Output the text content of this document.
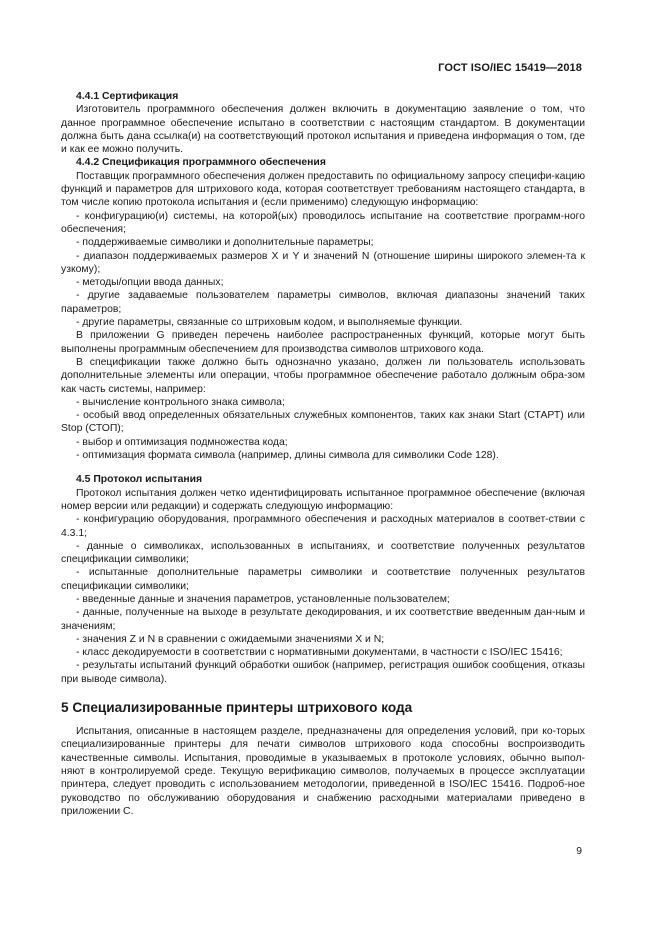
ГОСТ ISO/IEC 15419—2018

4.4.1 Сертификация

Изготовитель программного обеспечения должен включить в документацию заявление о том, что данное программное обеспечение испытано в соответствии с настоящим стандартом. В документации должна быть дана ссылка(и) на соответствующий протокол испытания и приведена информация о том, где и как ее можно получить.

4.4.2 Спецификация программного обеспечения

Поставщик программного обеспечения должен предоставить по официальному запросу специфи-кацию функций и параметров для штрихового кода, которая соответствует требованиям настоящего стандарта, в том числе копию протокола испытания и (если применимо) следующую информацию:

- конфигурацию(и) системы, на которой(ых) проводилось испытание на соответствие программ-ного обеспечения;

- поддерживаемые символики и дополнительные параметры;

- диапазон поддерживаемых размеров X и Y и значений N (отношение ширины широкого элемен-та к узкому);

- методы/опции ввода данных;

- другие задаваемые пользователем параметры символов, включая диапазоны значений таких параметров;

- другие параметры, связанные со штриховым кодом, и выполняемые функции.

В приложении G приведен перечень наиболее распространенных функций, которые могут быть выполнены программным обеспечением для производства символов штрихового кода.

В спецификации также должно быть однозначно указано, должен ли пользователь использовать дополнительные элементы или операции, чтобы программное обеспечение работало должным обра-зом как часть системы, например:

- вычисление контрольного знака символа;

- особый ввод определенных обязательных служебных компонентов, таких как знаки Start (СТАРТ) или Stop (СТОП);

- выбор и оптимизация подмножества кода;

- оптимизация формата символа (например, длины символа для символики Code 128).

4.5 Протокол испытания

Протокол испытания должен четко идентифицировать испытанное программное обеспечение (включая номер версии или редакции) и содержать следующую информацию:

- конфигурацию оборудования, программного обеспечения и расходных материалов в соответ-ствии с 4.3.1;

- данные о символиках, использованных в испытаниях, и соответствие полученных результатов спецификации символики;

- испытанные дополнительные параметры символики и соответствие полученных результатов спецификации символики;

- введенные данные и значения параметров, установленные пользователем;

- данные, полученные на выходе в результате декодирования, и их соответствие введенным дан-ным и значениям;

- значения Z и N в сравнении с ожидаемыми значениями X и N;

- класс декодируемости в соответствии с нормативными документами, в частности с ISO/IEC 15416;

- результаты испытаний функций обработки ошибок (например, регистрация ошибок сообщения, отказы при выводе символа).

5 Специализированные принтеры штрихового кода

Испытания, описанные в настоящем разделе, предназначены для определения условий, при ко-торых специализированные принтеры для печати символов штрихового кода способны воспроизводить качественные символы. Испытания, проводимые в указываемых в протоколе условиях, обычно выпол-няют в контролируемой среде. Текущую верификацию символов, получаемых в процессе эксплуатации принтера, следует проводить с использованием методологии, приведенной в ISO/IEC 15416. Подроб-ное руководство по обслуживанию оборудования и снабжению расходными материалами приведено в приложении С.

9
